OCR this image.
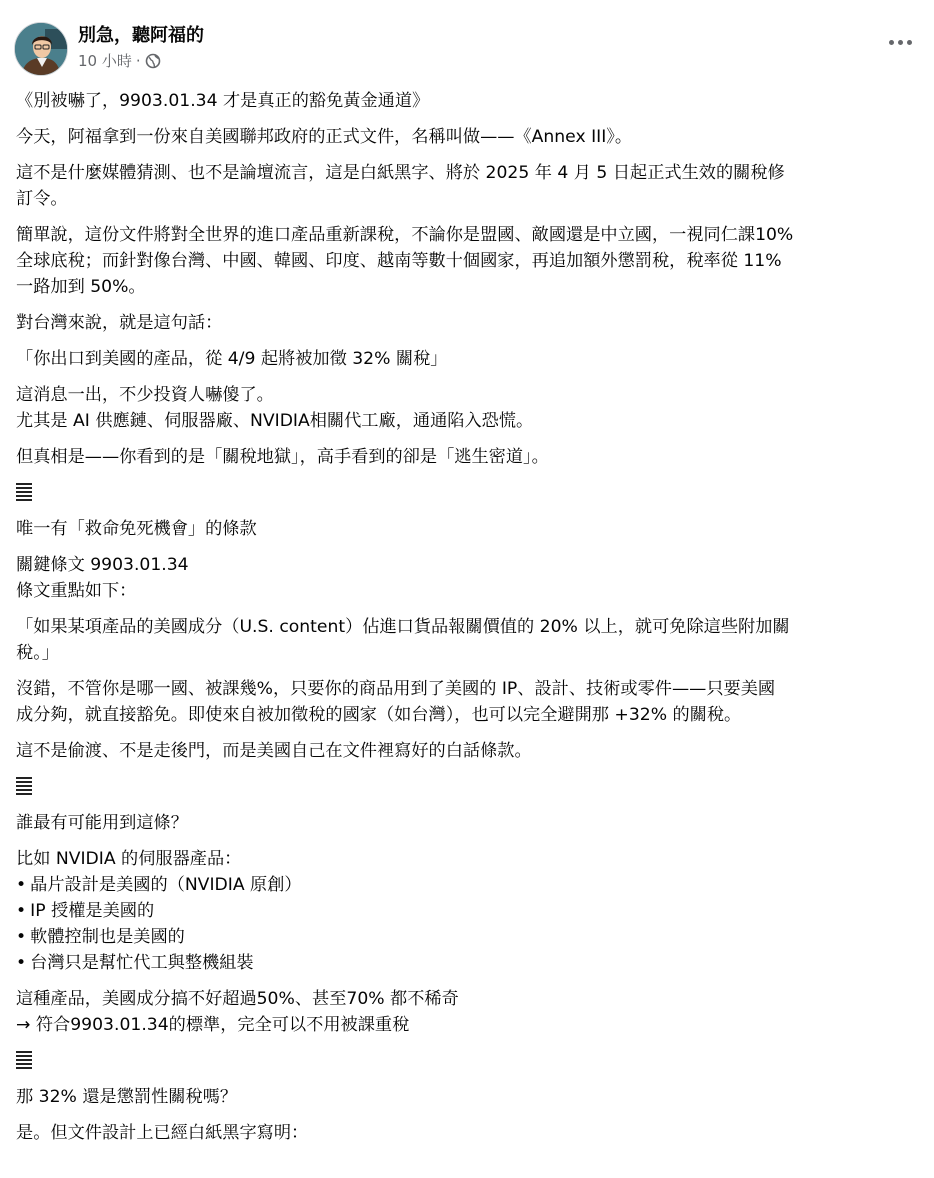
別急，聽阿福的
10 小時 ·

《別被嚇了，9903.01.34 才是真正的豁免黃金通道》

今天，阿福拿到一份來自美國聯邦政府的正式文件，名稱叫做——《Annex III》。

這不是什麼媒體猜測、也不是論壇流言，這是白紙黑字、將於 2025 年 4 月 5 日起正式生效的關稅修

訂令。

簡單說，這份文件將對全世界的進口產品重新課稅，不論你是盟國、敵國還是中立國，一視同仁課10%

全球底稅；而針對像台灣、中國、韓國、印度、越南等數十個國家，再追加額外懲罰稅，稅率從 11%

一路加到 50%。

對台灣來說，就是這句話：

「你出口到美國的產品，從 4/9 起將被加徵 32% 關稅」

這消息一出，不少投資人嚇傻了。

尤其是 AI 供應鏈、伺服器廠、NVIDIA相關代工廠，通通陷入恐慌。

但真相是——你看到的是「關稅地獄」，高手看到的卻是「逃生密道」。

唯一有「救命免死機會」的條款

關鍵條文 9903.01.34

條文重點如下：

「如果某項產品的美國成分（U.S. content）佔進口貨品報關價值的 20% 以上，就可免除這些附加關

稅。」

沒錯，不管你是哪一國、被課幾%，只要你的商品用到了美國的 IP、設計、技術或零件——只要美國

成分夠，就直接豁免。即使來自被加徵稅的國家（如台灣），也可以完全避開那 +32% 的關稅。

這不是偷渡、不是走後門，而是美國自己在文件裡寫好的白話條款。

誰最有可能用到這條？

比如 NVIDIA 的伺服器產品：

• 晶片設計是美國的（NVIDIA 原創）

• IP 授權是美國的

• 軟體控制也是美國的

• 台灣只是幫忙代工與整機組裝

這種產品，美國成分搞不好超過50%、甚至70% 都不稀奇

→ 符合9903.01.34的標準，完全可以不用被課重稅

那 32% 還是懲罰性關稅嗎？

是。但文件設計上已經白紙黑字寫明：
